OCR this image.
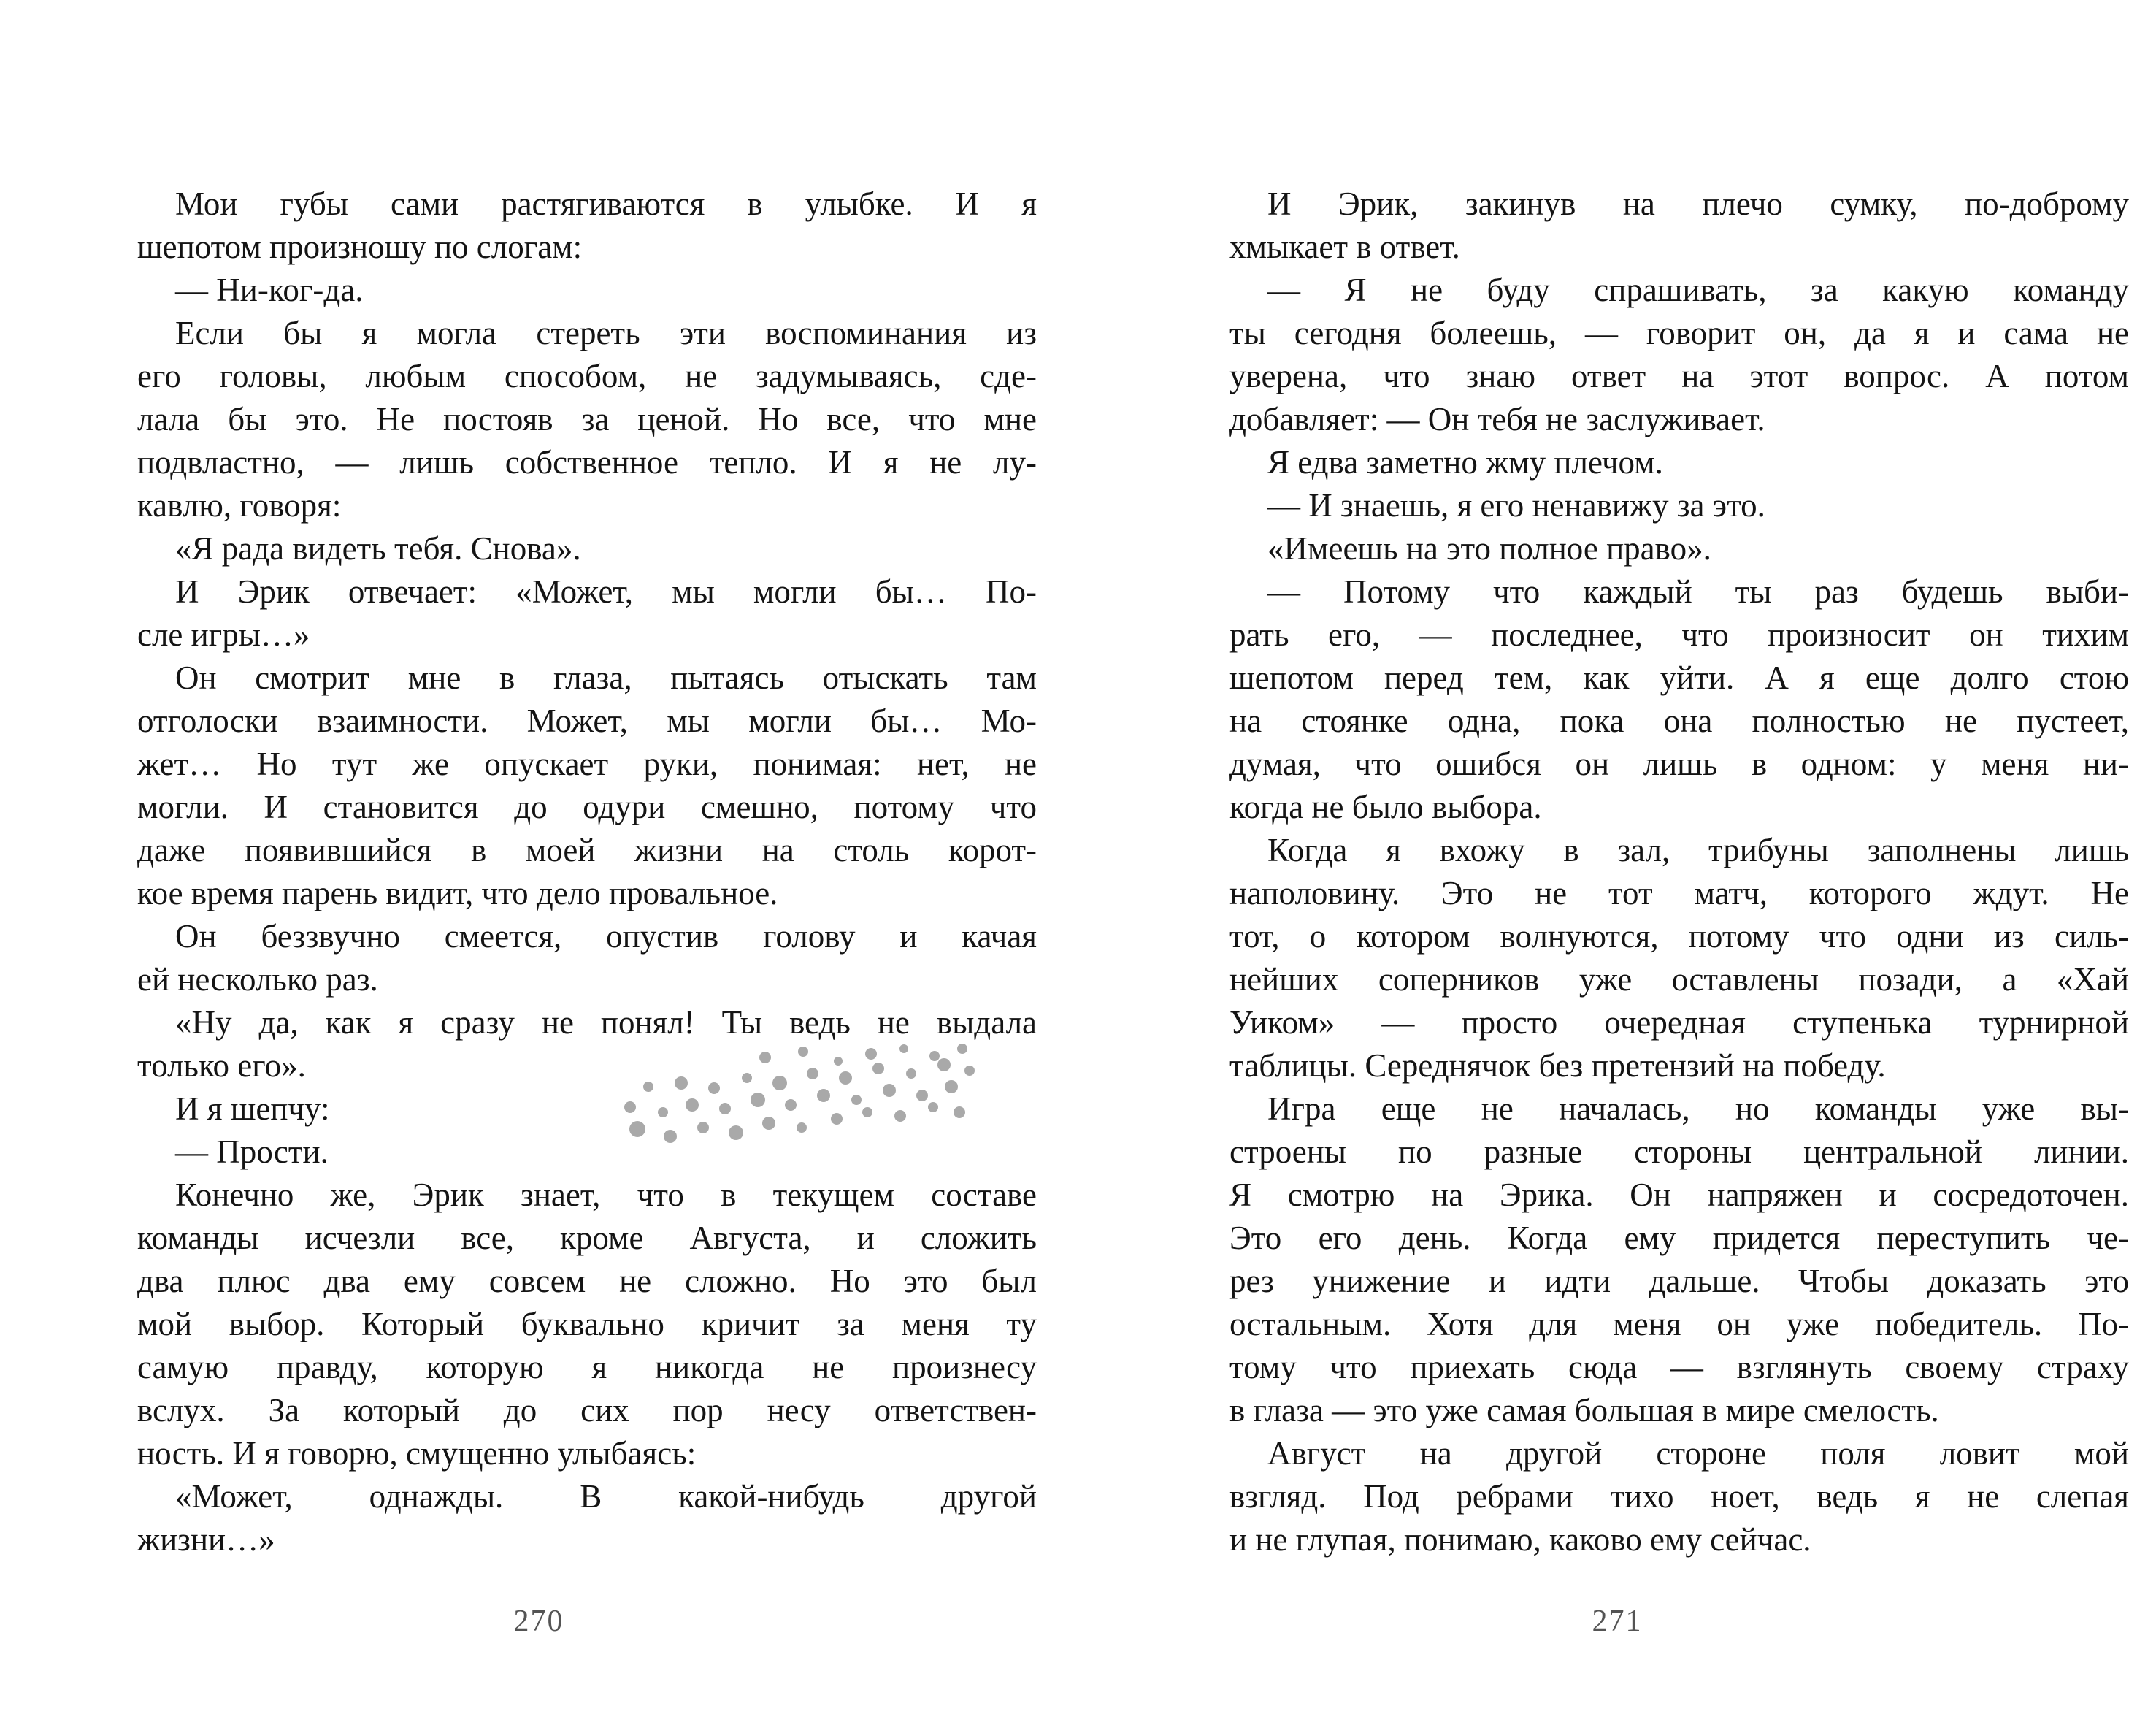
Мои губы сами растягиваются в улыбке. И я
шепотом произношу по слогам:
— Ни-ког-да.
Если бы я могла стереть эти воспоминания из
его головы, любым способом, не задумываясь, сде-
лала бы это. Не постояв за ценой. Но все, что мне
подвластно, — лишь собственное тепло. И я не лу-
кавлю, говоря:
«Я рада видеть тебя. Снова».
И Эрик отвечает: «Может, мы могли бы… По-
сле игры…»
Он смотрит мне в глаза, пытаясь отыскать там
отголоски взаимности. Может, мы могли бы… Мо-
жет… Но тут же опускает руки, понимая: нет, не
могли. И становится до одури смешно, потому что
даже появившийся в моей жизни на столь корот-
кое время парень видит, что дело провальное.
Он беззвучно смеется, опустив голову и качая
ей несколько раз.
«Ну да, как я сразу не понял! Ты ведь не выдала
только его».
И я шепчу:
— Прости.
Конечно же, Эрик знает, что в текущем составе
команды исчезли все, кроме Августа, и сложить
два плюс два ему совсем не сложно. Но это был
мой выбор. Который буквально кричит за меня ту
самую правду, которую я никогда не произнесу
вслух. За который до сих пор несу ответствен-
ность. И я говорю, смущенно улыбаясь:
«Может, однажды. В какой-нибудь другой
жизни…»
270
И Эрик, закинув на плечо сумку, по-доброму
хмыкает в ответ.
— Я не буду спрашивать, за какую команду
ты сегодня болеешь, — говорит он, да я и сама не
уверена, что знаю ответ на этот вопрос. А потом
добавляет: — Он тебя не заслуживает.
Я едва заметно жму плечом.
— И знаешь, я его ненавижу за это.
«Имеешь на это полное право».
— Потому что каждый ты раз будешь выби-
рать его, — последнее, что произносит он тихим
шепотом перед тем, как уйти. А я еще долго стою
на стоянке одна, пока она полностью не пустеет,
думая, что ошибся он лишь в одном: у меня ни-
когда не было выбора.
Когда я вхожу в зал, трибуны заполнены лишь
наполовину. Это не тот матч, которого ждут. Не
тот, о котором волнуются, потому что одни из силь-
нейших соперников уже оставлены позади, а «Хай
Уиком» — просто очередная ступенька турнирной
таблицы. Середнячок без претензий на победу.
Игра еще не началась, но команды уже вы-
строены по разные стороны центральной линии.
Я смотрю на Эрика. Он напряжен и сосредоточен.
Это его день. Когда ему придется переступить че-
рез унижение и идти дальше. Чтобы доказать это
остальным. Хотя для меня он уже победитель. По-
тому что приехать сюда — взглянуть своему страху
в глаза — это уже самая большая в мире смелость.
Август на другой стороне поля ловит мой
взгляд. Под ребрами тихо ноет, ведь я не слепая
и не глупая, понимаю, каково ему сейчас.
271
